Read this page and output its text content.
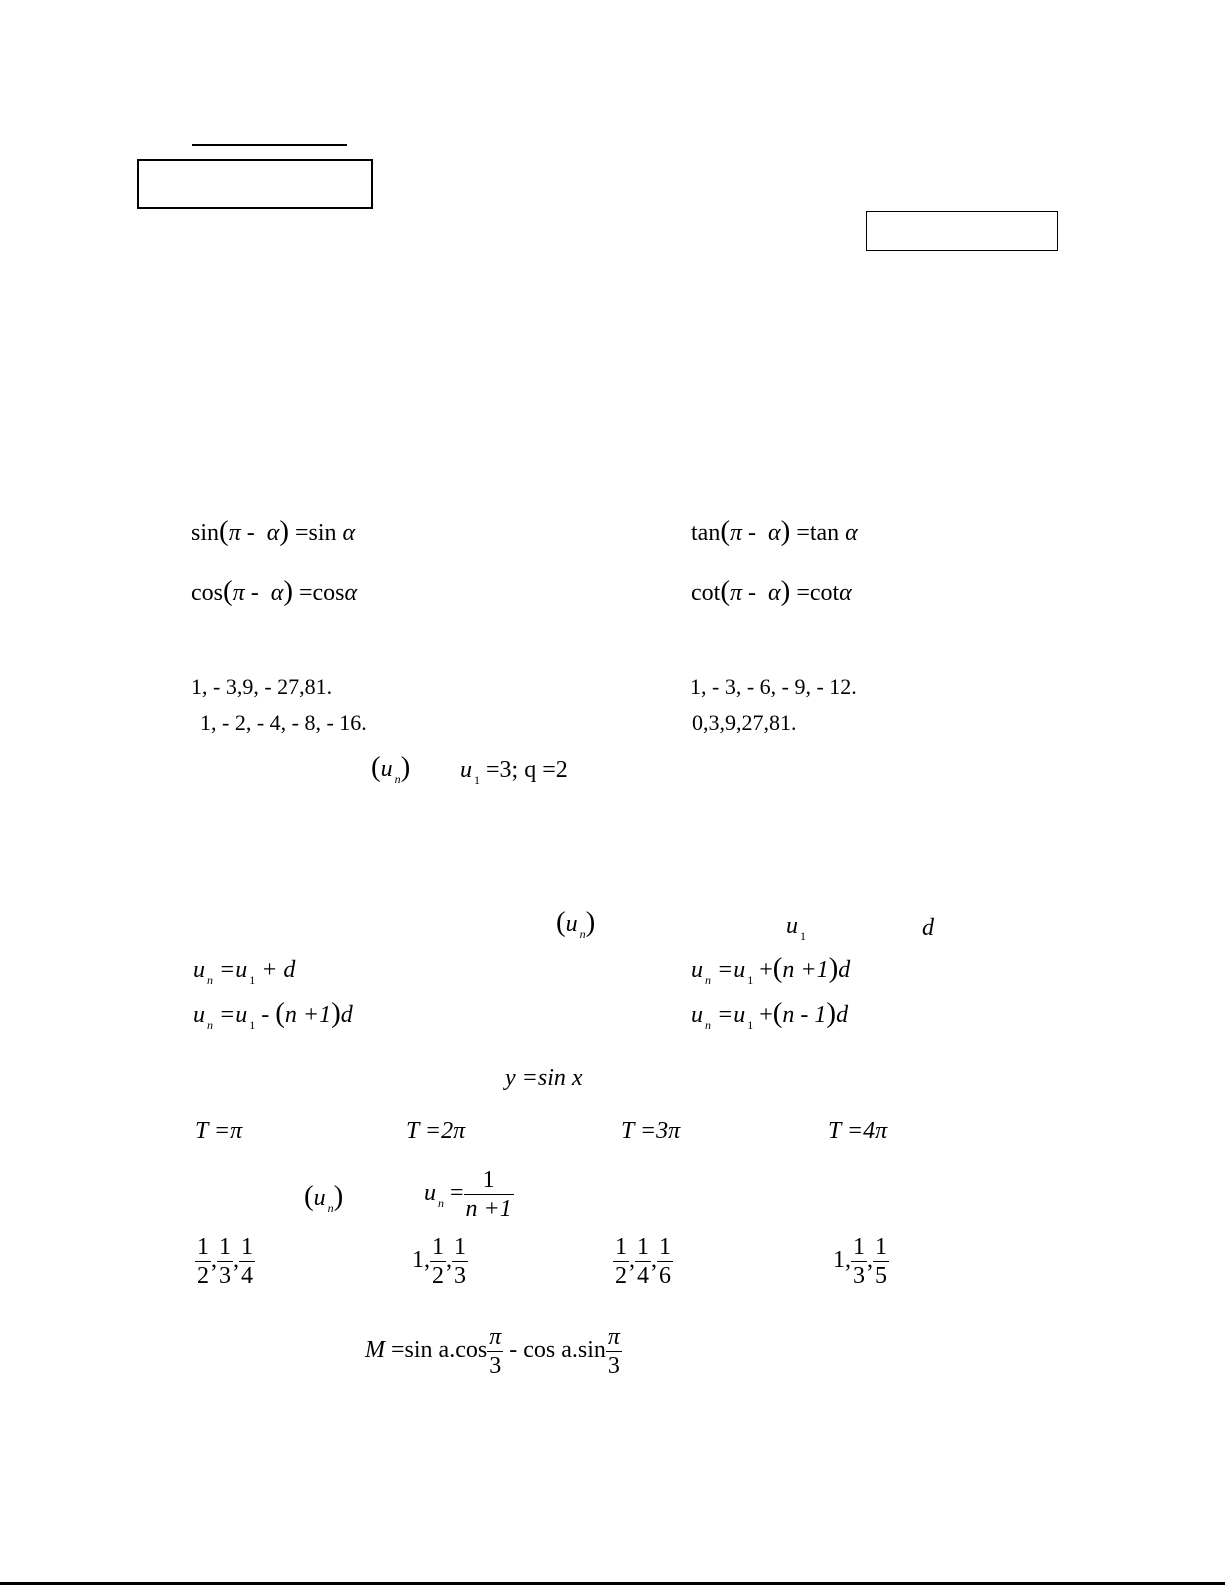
sin(π - α) =sin α	tan(π - α) =tan α
cos(π - α) =cosα	cot(π - α) =cotα
1, - 3,9, - 27,81.	1, - 3, - 6, - 9, - 12.
1, - 2, - 4, - 8, - 16.	0,3,9,27,81.
(u $_n$) u $_1$ =3; q =2
(u $_n$)	u $_1$	d
u $_n$ =u $_1$ + d	u $_n$ =u $_1$ +(n +1)d
u $_n$ =u $_1$ - (n +1)d	u $_n$ =u $_1$ +(n - 1)d
y =sin x
T =π	T =2π	T =3π	T =4π
(u $_n$)	u $_n = \frac{1}{n +1}$
$\frac{1}{2}$ , $\frac{1}{3}$ , $\frac{1}{4}$	1, $\frac{1}{2}$ , $\frac{1}{3}$	$\frac{1}{2}$ , $\frac{1}{4}$ , $\frac{1}{6}$	1, $\frac{1}{3}$ , $\frac{1}{5}$
M =sin $a.\cos \frac{\pi}{3}$ - $\cos a.\sin \frac{\pi}{3}$
